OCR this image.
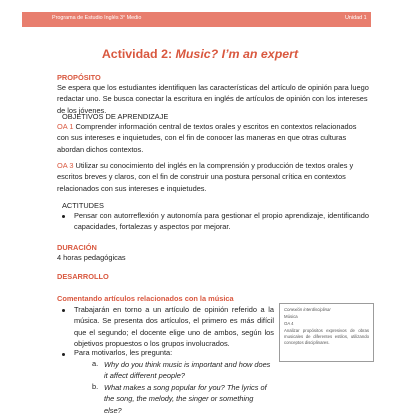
Programa de Estudio Inglés 3° Medio	Unidad 1
Actividad 2: Music? I’m an expert
PROPÓSITO
Se espera que los estudiantes identifiquen las características del artículo de opinión para luego redactar uno. Se busca conectar la escritura en inglés de artículos de opinión con los intereses de los jóvenes.
OBJETIVOS DE APRENDIZAJE
OA 1 Comprender información central de textos orales y escritos en contextos relacionados con sus intereses e inquietudes, con el fin de conocer las maneras en que otras culturas abordan dichos contextos.
OA 3 Utilizar su conocimiento del inglés en la comprensión y producción de textos orales y escritos breves y claros, con el fin de construir una postura personal crítica en contextos relacionados con sus intereses e inquietudes.
ACTITUDES
Pensar con autorreflexión y autonomía para gestionar el propio aprendizaje, identificando capacidades, fortalezas y aspectos por mejorar.
DURACIÓN
4 horas pedagógicas
DESARROLLO
Comentando artículos relacionados con la música
Trabajarán en torno a un artículo de opinión referido a la música. Se presenta dos artículos, el primero es más difícil que el segundo; el docente elige uno de ambos, según los objetivos propuestos o los grupos involucrados.
Para motivarlos, les pregunta:
a. Why do you think music is important and how does it affect different people?
b. What makes a song popular for you? The lyrics of the song, the melody, the singer or something else?
Conexión interdisciplinar
Música
OA 4
Analizar propósitos expresivos de obras musicales de diferentes estilos, utilizando conceptos disciplinares.
